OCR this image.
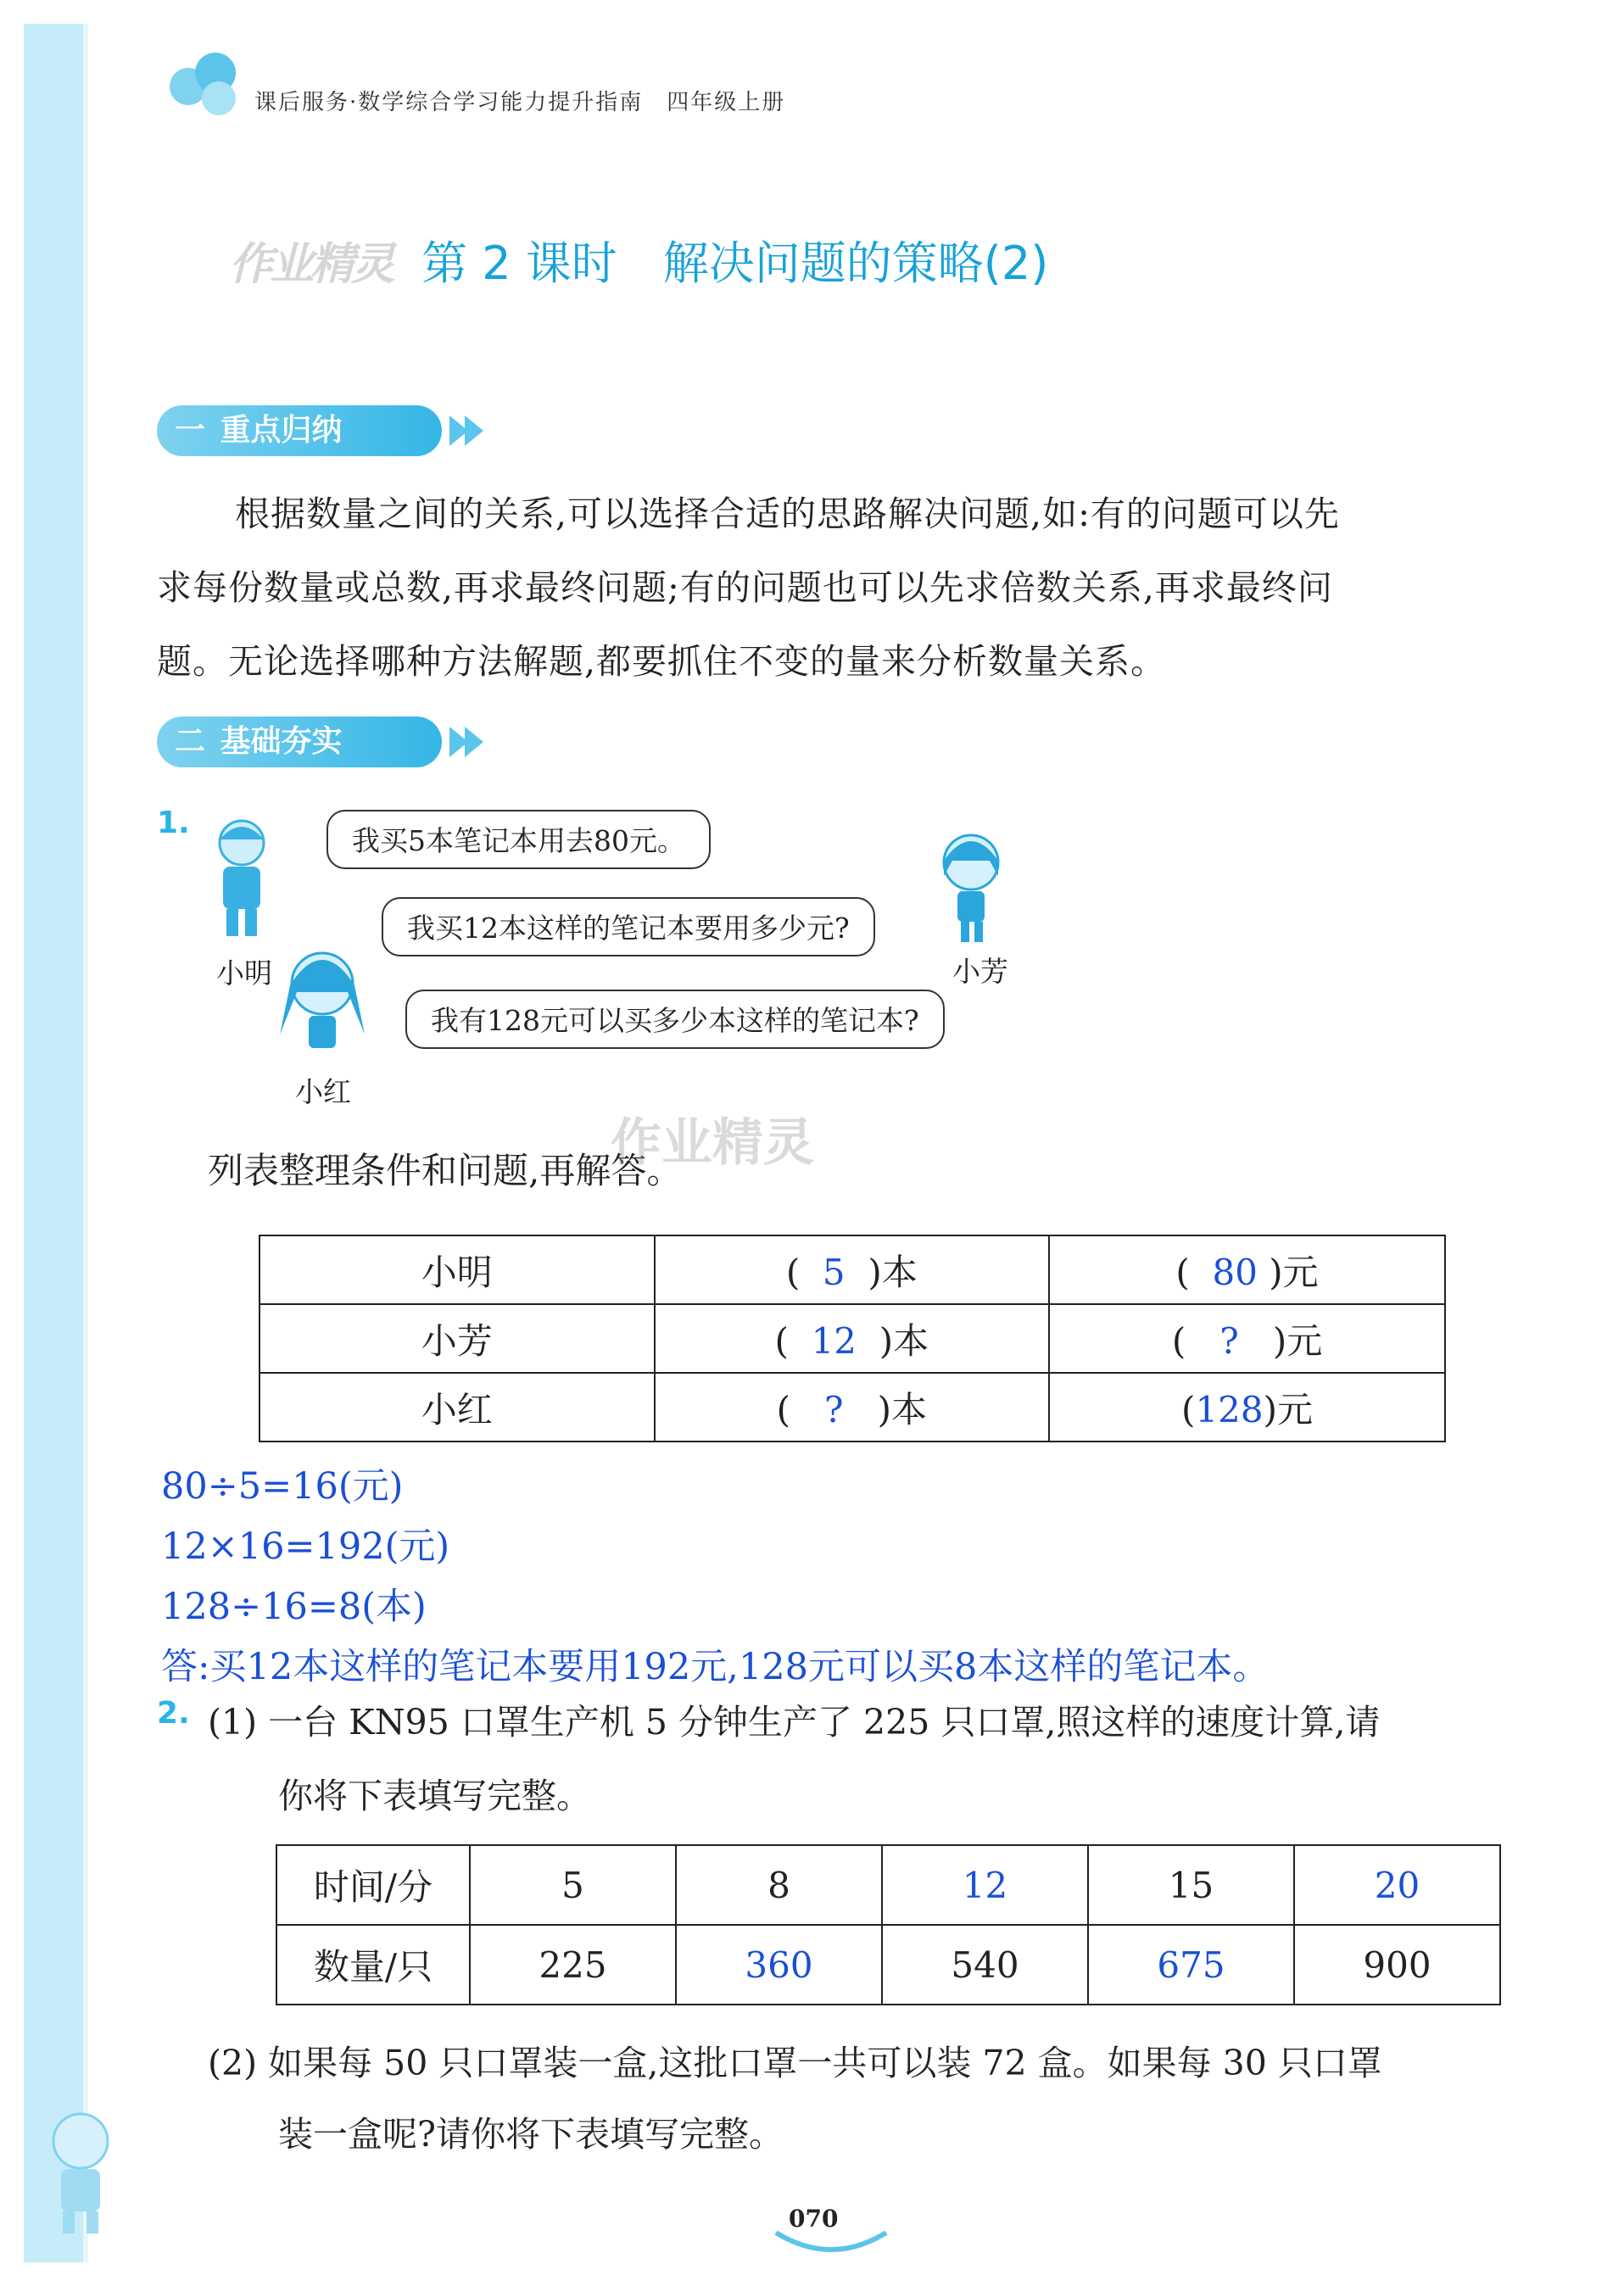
课后服务·数学综合学习能力提升指南　四年级上册
作业精灵 第 2 课时　解决问题的策略(2)
一 重点归纳
根据数量之间的关系,可以选择合适的思路解决问题,如:有的问题可以先
求每份数量或总数,再求最终问题;有的问题也可以先求倍数关系,再求最终问
题。无论选择哪种方法解题,都要抓住不变的量来分析数量关系。
二 基础夯实
1.
小明	小芳
小红
我买5本笔记本用去80元。
我买12本这样的笔记本要用多少元?
我有128元可以买多少本这样的笔记本?
列表整理条件和问题,再解答。
作业精灵
小明	(  5  )本	(  80 )元
小芳	(  12  )本	(   ?   )元
小红	(   ?   )本	(128)元
80÷5=16(元)
12×16=192(元)
128÷16=8(本)
答:买12本这样的笔记本要用192元,128元可以买8本这样的笔记本。
2. (1) 一台 KN95 口罩生产机 5 分钟生产了 225 只口罩,照这样的速度计算,请
你将下表填写完整。
时间/分	5	8	12	15	20
数量/只	225	360	540	675	900
(2) 如果每 50 只口罩装一盒,这批口罩一共可以装 72 盒。如果每 30 只口罩
装一盒呢?请你将下表填写完整。
070
